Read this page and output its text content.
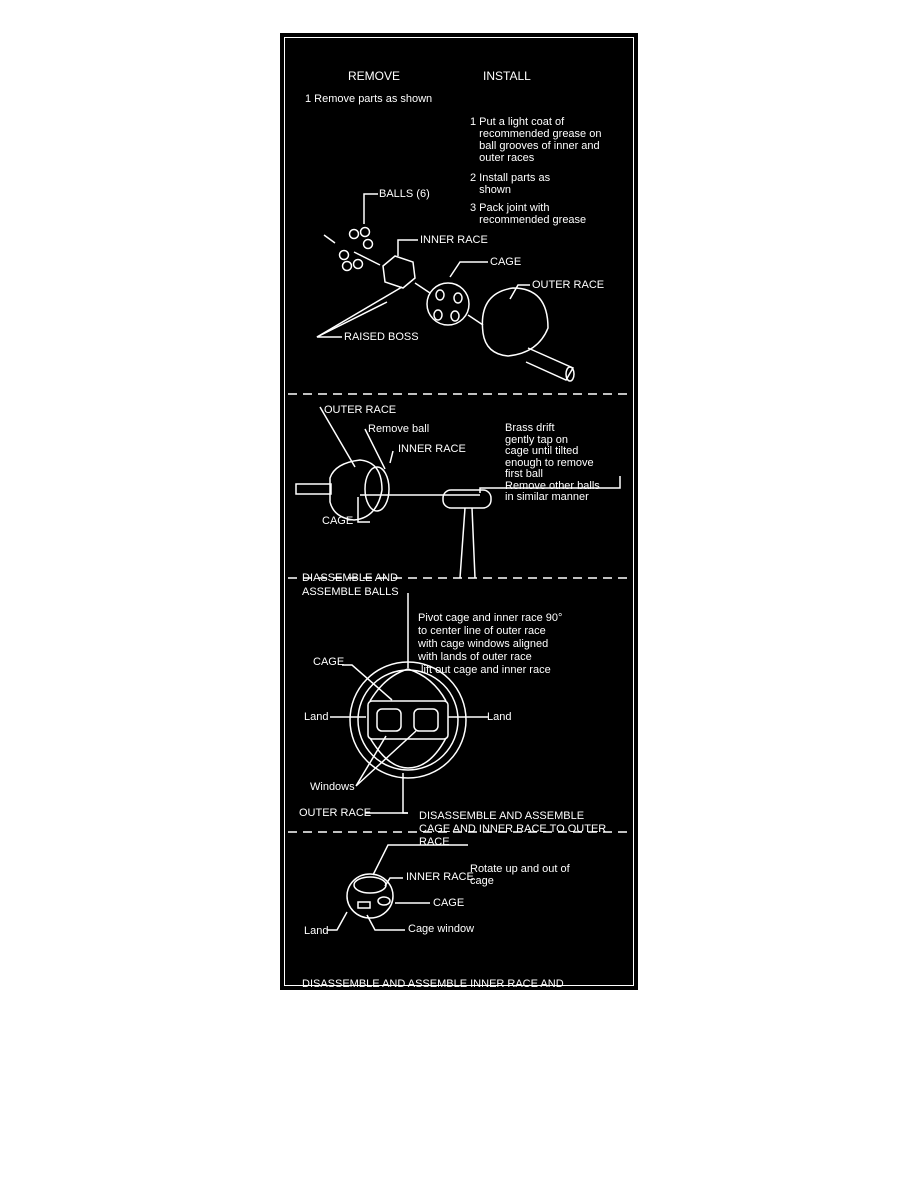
REMOVE	INSTALL
1 Remove parts as shown

1 Put a light coat of
recommended grease on
ball grooves of inner and
outer races

2 Install parts as
shown

3 Pack joint with
recommended grease

BALLS (6)
INNER RACE
CAGE
OUTER RACE
RAISED BOSS
OUTER RACE
Remove ball
INNER RACE

Brass drift
gently tap on
cage until tilted
enough to remove
first ball
Remove other balls
in similar manner

CAGE

DIASSEMBLE AND
ASSEMBLE BALLS

Pivot cage and inner race 90°
to center line of outer race
with cage windows aligned
with lands of outer race
lift out cage and inner race

CAGE
Land	Land
Windows
OUTER RACE

	DISASSEMBLE AND ASSEMBLE
CAGE AND INNER RACE TO OUTER
RACE

Rotate up and out of
cage

INNER RACE
CAGE
Land	Cage window

DISASSEMBLE AND ASSEMBLE INNER RACE AND
CAGE
